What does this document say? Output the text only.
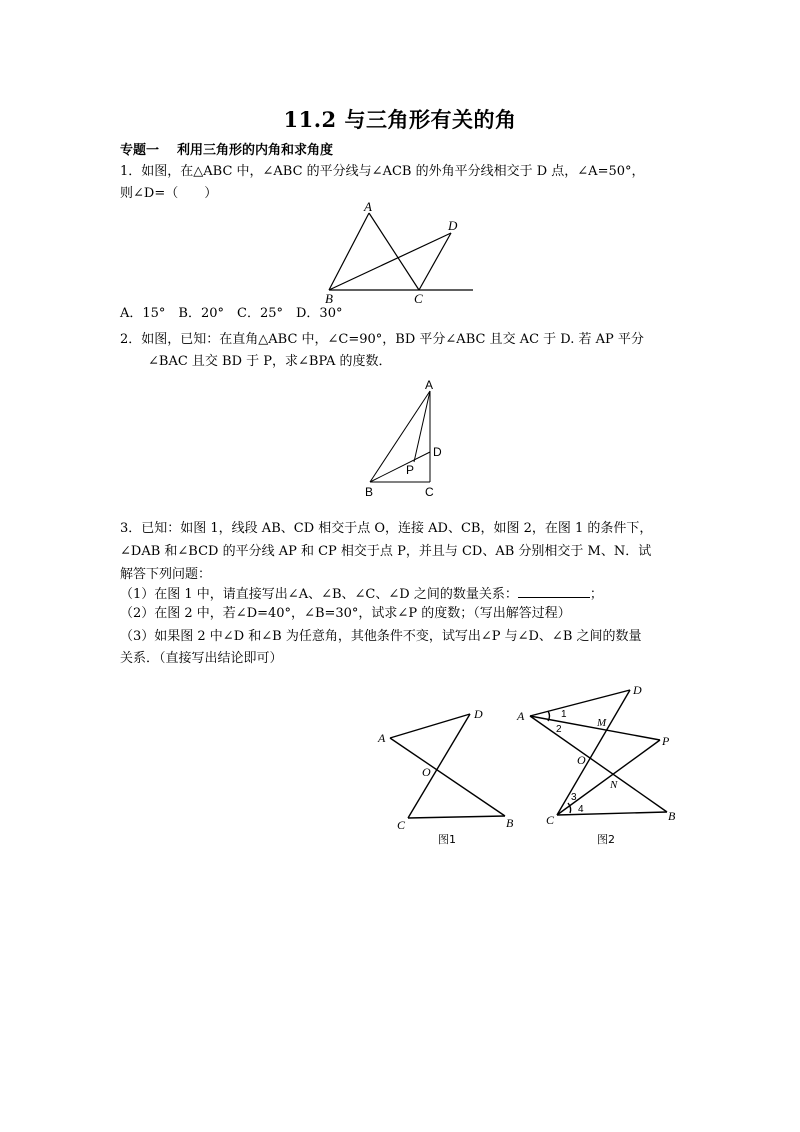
11.2 与三角形有关的角
专题一 利用三角形的内角和求角度
1．如图，在△ABC 中，∠ABC 的平分线与∠ACB 的外角平分线相交于 D 点，∠A=50°，
则∠D=（　　）
A
D
B	C
A．15°　B．20°　C．25°　D．30°
2．如图，已知：在直角△ABC 中，∠C=90°，BD 平分∠ABC 且交 AC 于 D. 若 AP 平分
∠BAC 且交 BD 于 P，求∠BPA 的度数．
A
D
P
B	C
3．已知：如图 1，线段 AB、CD 相交于点 O，连接 AD、CB，如图 2，在图 1 的条件下，
∠DAB 和∠BCD 的平分线 AP 和 CP 相交于点 P，并且与 CD、AB 分别相交于 M、N．试
解答下列问题：
（1）在图 1 中，请直接写出∠A、∠B、∠C、∠D 之间的数量关系：	；
（2）在图 2 中，若∠D=40°，∠B=30°，试求∠P 的度数；（写出解答过程）
（3）如果图 2 中∠D 和∠B 为任意角，其他条件不变，试写出∠P 与∠D、∠B 之间的数量
关系．（直接写出结论即可）
A
D
O
C	B
图1
A
D
M
P
O
N
C	B
1
2
3
4
图2
